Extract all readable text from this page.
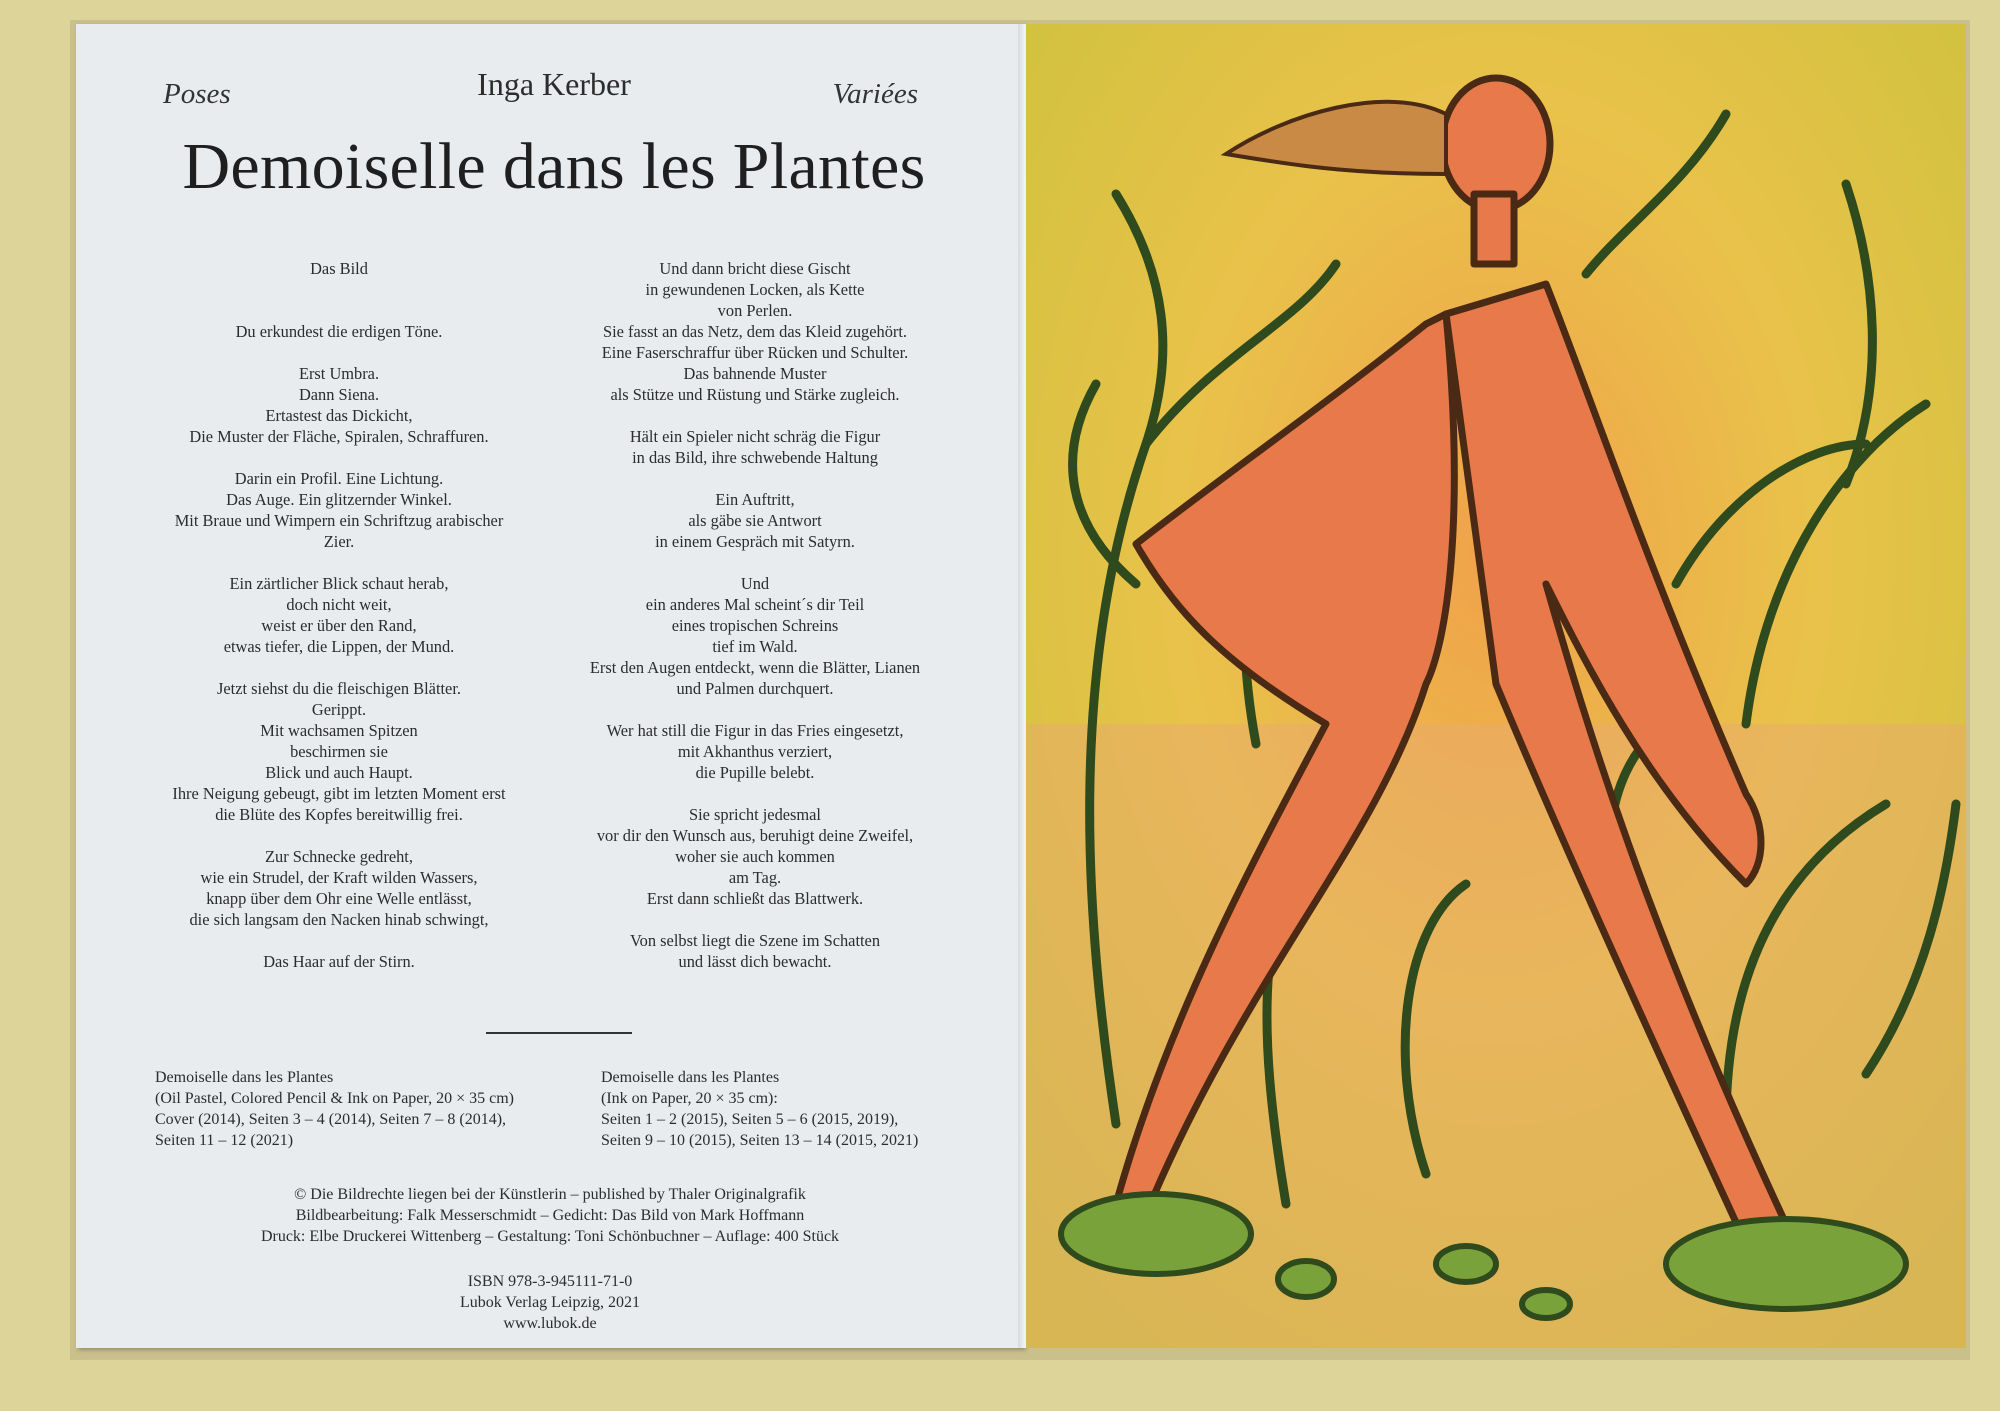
Poses	Inga Kerber	Variées
Demoiselle dans les Plantes

Das Bild

Du erkundest die erdigen Töne.

Erst Umbra.
Dann Siena.
Ertastest das Dickicht,
Die Muster der Fläche, Spiralen, Schraffuren.

Darin ein Profil. Eine Lichtung.
Das Auge. Ein glitzernder Winkel.
Mit Braue und Wimpern ein Schriftzug arabischer
Zier.

Ein zärtlicher Blick schaut herab,
doch nicht weit,
weist er über den Rand,
etwas tiefer, die Lippen, der Mund.

Jetzt siehst du die fleischigen Blätter.
Gerippt.
Mit wachsamen Spitzen
beschirmen sie
Blick und auch Haupt.
Ihre Neigung gebeugt, gibt im letzten Moment erst
die Blüte des Kopfes bereitwillig frei.

Zur Schnecke gedreht,
wie ein Strudel, der Kraft wilden Wassers,
knapp über dem Ohr eine Welle entlässt,
die sich langsam den Nacken hinab schwingt,

Das Haar auf der Stirn.

Und dann bricht diese Gischt
in gewundenen Locken, als Kette
von Perlen.
Sie fasst an das Netz, dem das Kleid zugehört.
Eine Faserschraffur über Rücken und Schulter.
Das bahnende Muster
als Stütze und Rüstung und Stärke zugleich.

Hält ein Spieler nicht schräg die Figur
in das Bild, ihre schwebende Haltung

Ein Auftritt,
als gäbe sie Antwort
in einem Gespräch mit Satyrn.

Und
ein anderes Mal scheint´s dir Teil
eines tropischen Schreins
tief im Wald.
Erst den Augen entdeckt, wenn die Blätter, Lianen
und Palmen durchquert.

Wer hat still die Figur in das Fries eingesetzt,
mit Akhanthus verziert,
die Pupille belebt.

Sie spricht jedesmal
vor dir den Wunsch aus, beruhigt deine Zweifel,
woher sie auch kommen
am Tag.
Erst dann schließt das Blattwerk.

Von selbst liegt die Szene im Schatten
und lässt dich bewacht.

Demoiselle dans les Plantes
(Oil Pastel, Colored Pencil & Ink on Paper, 20 × 35 cm)
Cover (2014), Seiten 3 – 4 (2014), Seiten 7 – 8 (2014),
Seiten 11 – 12 (2021)

Demoiselle dans les Plantes
(Ink on Paper, 20 × 35 cm):
Seiten 1 – 2 (2015), Seiten 5 – 6 (2015, 2019),
Seiten 9 – 10 (2015), Seiten 13 – 14 (2015, 2021)

© Die Bildrechte liegen bei der Künstlerin – published by Thaler Originalgrafik
Bildbearbeitung: Falk Messerschmidt – Gedicht: Das Bild von Mark Hoffmann
Druck: Elbe Druckerei Wittenberg – Gestaltung: Toni Schönbuchner – Auflage: 400 Stück

ISBN 978-3-945111-71-0
Lubok Verlag Leipzig, 2021
www.lubok.de
